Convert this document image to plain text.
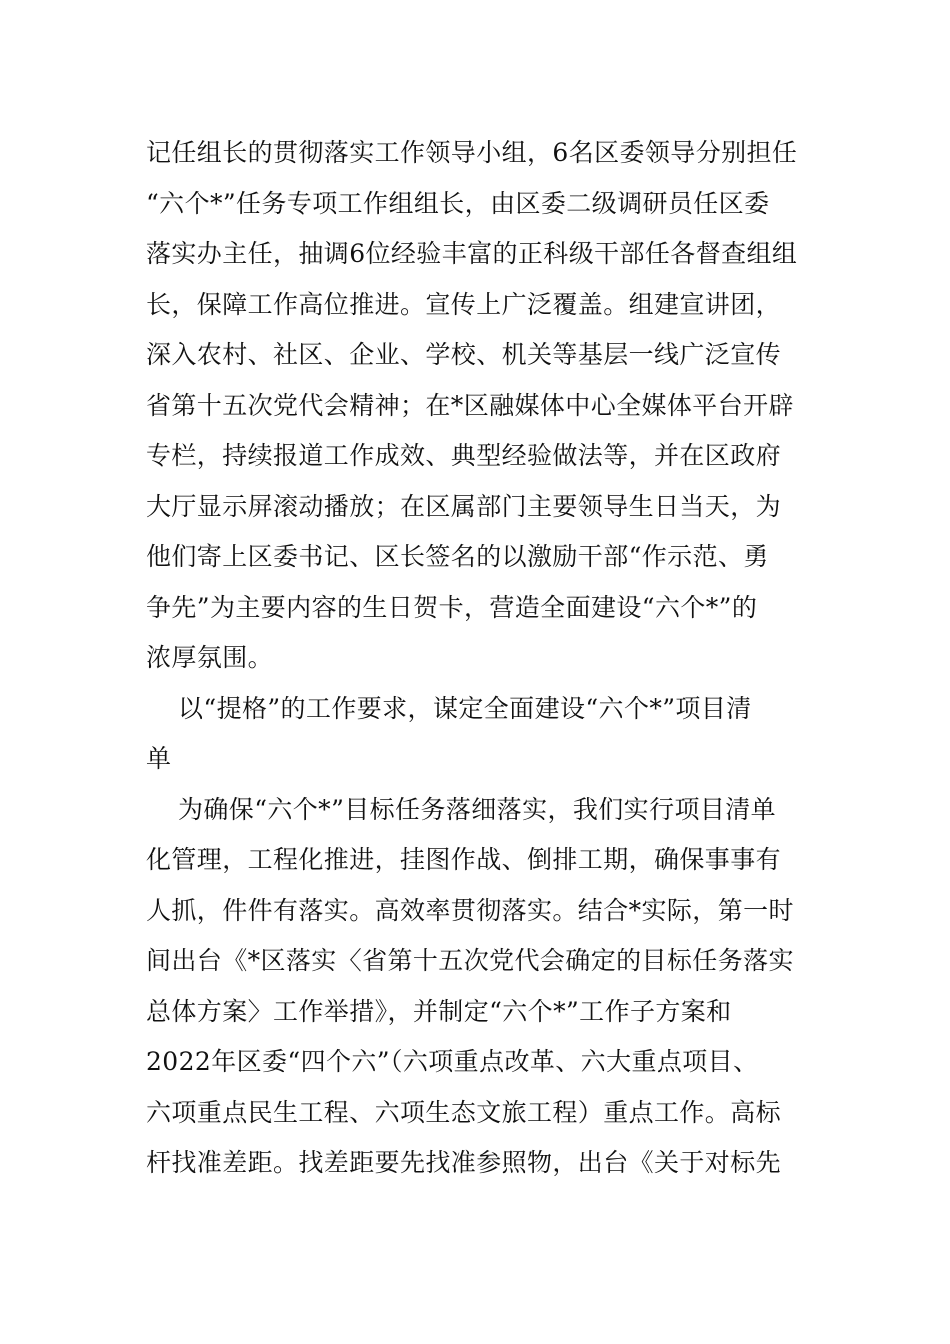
记任组长的贯彻落实工作领导小组，6名区委领导分别担任
“六个*”任务专项工作组组长，由区委二级调研员任区委
落实办主任，抽调6位经验丰富的正科级干部任各督查组组
长，保障工作高位推进。宣传上广泛覆盖。组建宣讲团，
深入农村、社区、企业、学校、机关等基层一线广泛宣传
省第十五次党代会精神；在*区融媒体中心全媒体平台开辟
专栏，持续报道工作成效、典型经验做法等，并在区政府
大厅显示屏滚动播放；在区属部门主要领导生日当天，为
他们寄上区委书记、区长签名的以激励干部“作示范、勇
争先”为主要内容的生日贺卡，营造全面建设“六个*”的
浓厚氛围。
以“提格”的工作要求，谋定全面建设“六个*”项目清
单
为确保“六个*”目标任务落细落实，我们实行项目清单
化管理，工程化推进，挂图作战、倒排工期，确保事事有
人抓，件件有落实。高效率贯彻落实。结合*实际，第一时
间出台《*区落实〈省第十五次党代会确定的目标任务落实
总体方案〉工作举措》，并制定“六个*”工作子方案和
2022年区委“四个六”（六项重点改革、六大重点项目、
六项重点民生工程、六项生态文旅工程）重点工作。高标
杆找准差距。找差距要先找准参照物，出台《关于对标先
